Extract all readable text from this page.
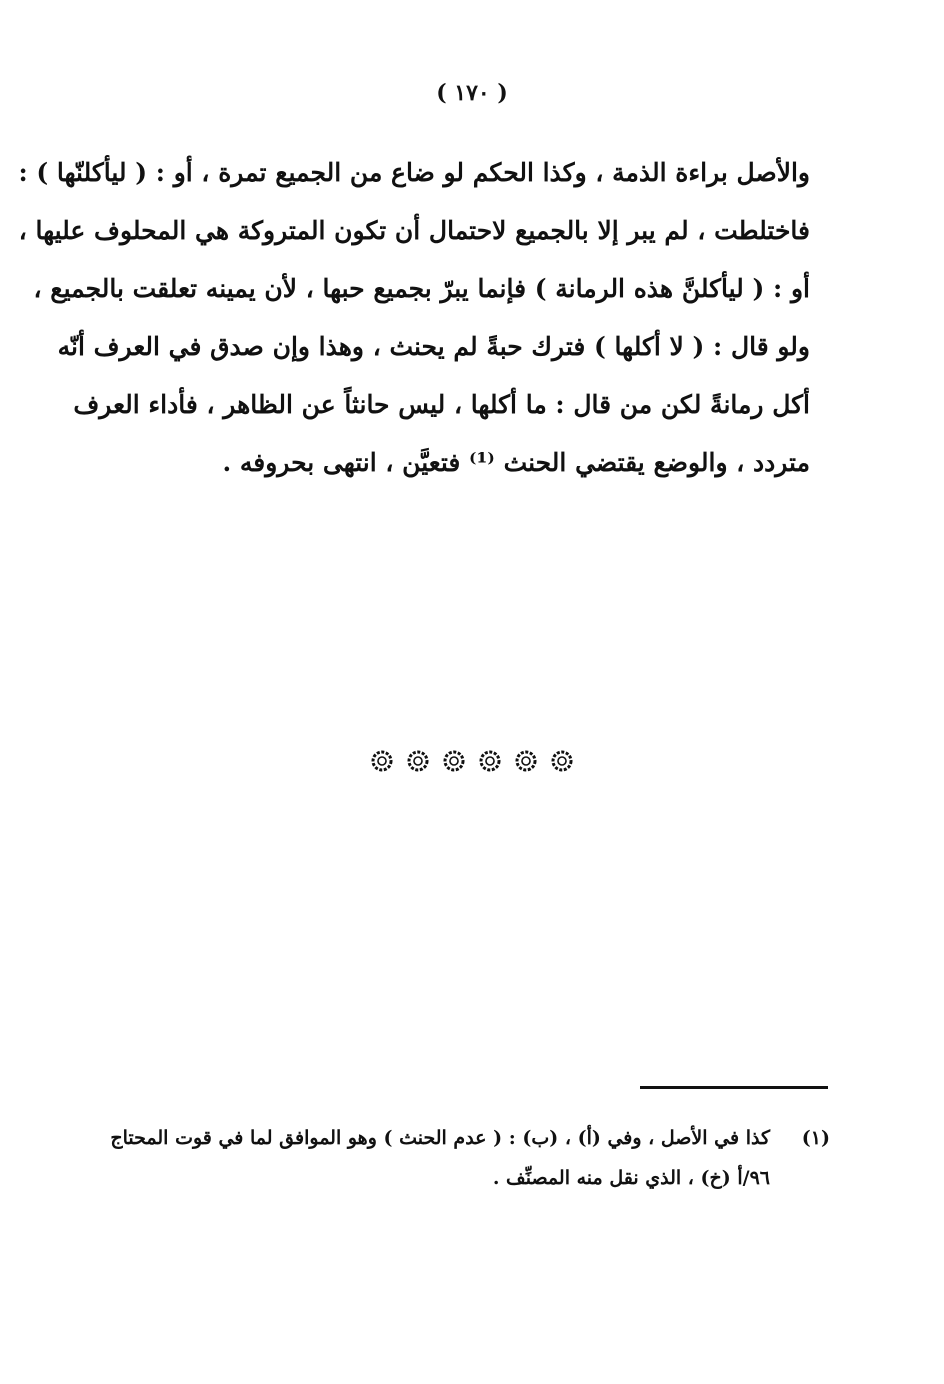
( ١٧٠ )
والأصل براءة الذمة ، وكذا الحكم لو ضاع من الجميع تمرة ، أو : ( ليأكلنّها ) :
فاختلطت ، لم يبر إلا بالجميع لاحتمال أن تكون المتروكة هي المحلوف عليها ،
أو : ( ليأكلنَّ هذه الرمانة ) فإنما يبرّ بجميع حبها ، لأن يمينه تعلقت بالجميع ،
ولو قال : ( لا أكلها ) فترك حبةً لم يحنث ، وهذا وإن صدق في العرف أنّه
أكل رمانةً لكن من قال : ما أكلها ، ليس حانثاً عن الظاهر ، فأداء العرف
متردد ، والوضع يقتضي الحنث ⁽¹⁾ فتعيَّن ، انتهى بحروفه .
(١)
كذا في الأصل ، وفي (أ) ، (ب) : ( عدم الحنث ) وهو الموافق لما في قوت المحتاج
٩٦/أ (خ) ، الذي نقل منه المصنِّف .
